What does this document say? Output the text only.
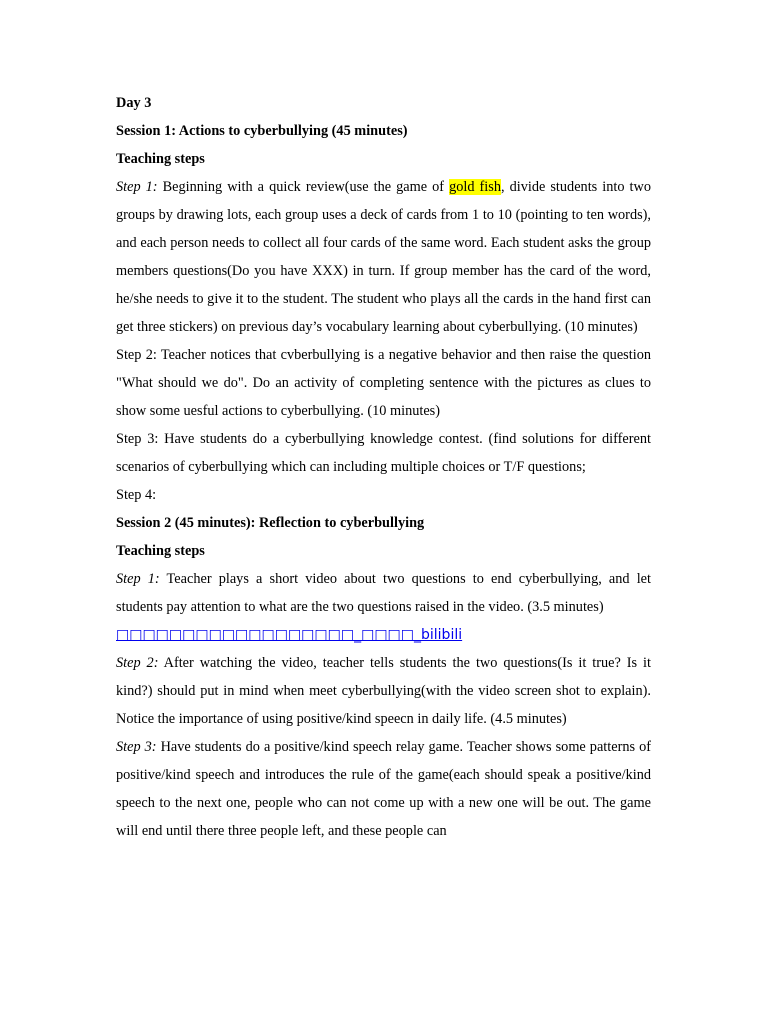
Day 3

Session 1: Actions to cyberbullying (45 minutes)

Teaching steps

Step 1: Beginning with a quick review(use the game of gold fish, divide students into two groups by drawing lots, each group uses a deck of cards from 1 to 10 (pointing to ten words), and each person needs to collect all four cards of the same word. Each student asks the group members questions(Do you have XXX) in turn. If group member has the card of the word, he/she needs to give it to the student. The student who plays all the cards in the hand first can get three stickers) on previous day’s vocabulary learning about cyberbullying. (10 minutes)

Step 2: Teacher notices that cvberbullying is a negative behavior and then raise the question "What should we do". Do an activity of completing sentence with the pictures as clues to show some uesful actions to cyberbullying. (10 minutes)

Step 3: Have students do a cyberbullying knowledge contest. (find solutions for different scenarios of cyberbullying which can including multiple choices or T/F questions;

Step 4:

Session 2 (45 minutes): Reflection to cyberbullying

Teaching steps

Step 1: Teacher plays a short video about two questions to end cyberbullying, and let students pay attention to what are the two questions raised in the video. (3.5 minutes)

□□□□□□□□□□□□□□□□□□_□□□□_bilibili

Step 2: After watching the video, teacher tells students the two questions(Is it true? Is it kind?) should put in mind when meet cyberbullying(with the video screen shot to explain). Notice the importance of using positive/kind speecn in daily life. (4.5 minutes)

Step 3: Have students do a positive/kind speech relay game. Teacher shows some patterns of positive/kind speech and introduces the rule of the game(each should speak a positive/kind speech to the next one, people who can not come up with a new one will be out. The game will end until there three people left, and these people can
